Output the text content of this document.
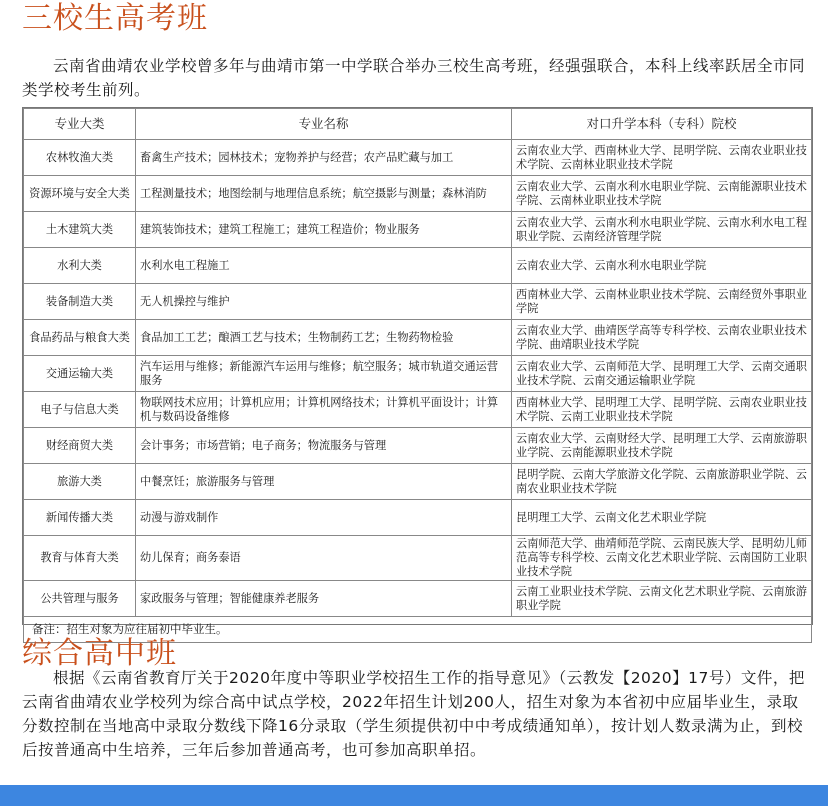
三校生高考班

云南省曲靖农业学校曾多年与曲靖市第一中学联合举办三校生高考班，经强强联合，本科上线率跃居全市同类学校考生前列。

专业大类	专业名称	对口升学本科（专科）院校
农林牧渔大类	畜禽生产技术；园林技术；宠物养护与经营；农产品贮藏与加工	云南农业大学、西南林业大学、昆明学院、云南农业职业技术学院、云南林业职业技术学院
资源环境与安全大类	工程测量技术；地图绘制与地理信息系统；航空摄影与测量；森林消防	云南农业大学、云南水利水电职业学院、云南能源职业技术学院、云南林业职业技术学院
土木建筑大类	建筑装饰技术；建筑工程施工；建筑工程造价；物业服务	云南农业大学、云南水利水电职业学院、云南水利水电工程职业学院、云南经济管理学院
水利大类	水利水电工程施工	云南农业大学、云南水利水电职业学院
装备制造大类	无人机操控与维护	西南林业大学、云南林业职业技术学院、云南经贸外事职业学院
食品药品与粮食大类	食品加工工艺；酿酒工艺与技术；生物制药工艺；生物药物检验	云南农业大学、曲靖医学高等专科学校、云南农业职业技术学院、曲靖职业技术学院
交通运输大类	汽车运用与维修；新能源汽车运用与维修；航空服务；城市轨道交通运营服务	云南农业大学、云南师范大学、昆明理工大学、云南交通职业技术学院、云南交通运输职业学院
电子与信息大类	物联网技术应用；计算机应用；计算机网络技术；计算机平面设计；计算机与数码设备维修	西南林业大学、昆明理工大学、昆明学院、云南农业职业技术学院、云南工业职业技术学院
财经商贸大类	会计事务；市场营销；电子商务；物流服务与管理	云南农业大学、云南财经大学、昆明理工大学、云南旅游职业学院、云南能源职业技术学院
旅游大类	中餐烹饪；旅游服务与管理	昆明学院、云南大学旅游文化学院、云南旅游职业学院、云南农业职业技术学院
新闻传播大类	动漫与游戏制作	昆明理工大学、云南文化艺术职业学院
教育与体育大类	幼儿保育；商务泰语	云南师范大学、曲靖师范学院、云南民族大学、昆明幼儿师范高等专科学校、云南文化艺术职业学院、云南国防工业职业技术学院
公共管理与服务	家政服务与管理；智能健康养老服务	云南工业职业技术学院、云南文化艺术职业学院、云南旅游职业学院
备注：招生对象为应往届初中毕业生。
综合高中班

根据《云南省教育厅关于2020年度中等职业学校招生工作的指导意见》（云教发【2020】17号）文件，把云南省曲靖农业学校列为综合高中试点学校，2022年招生计划200人，招生对象为本省初中应届毕业生，录取分数控制在当地高中录取分数线下降16分录取（学生须提供初中中考成绩通知单），按计划人数录满为止，到校后按普通高中生培养，三年后参加普通高考，也可参加高职单招。
